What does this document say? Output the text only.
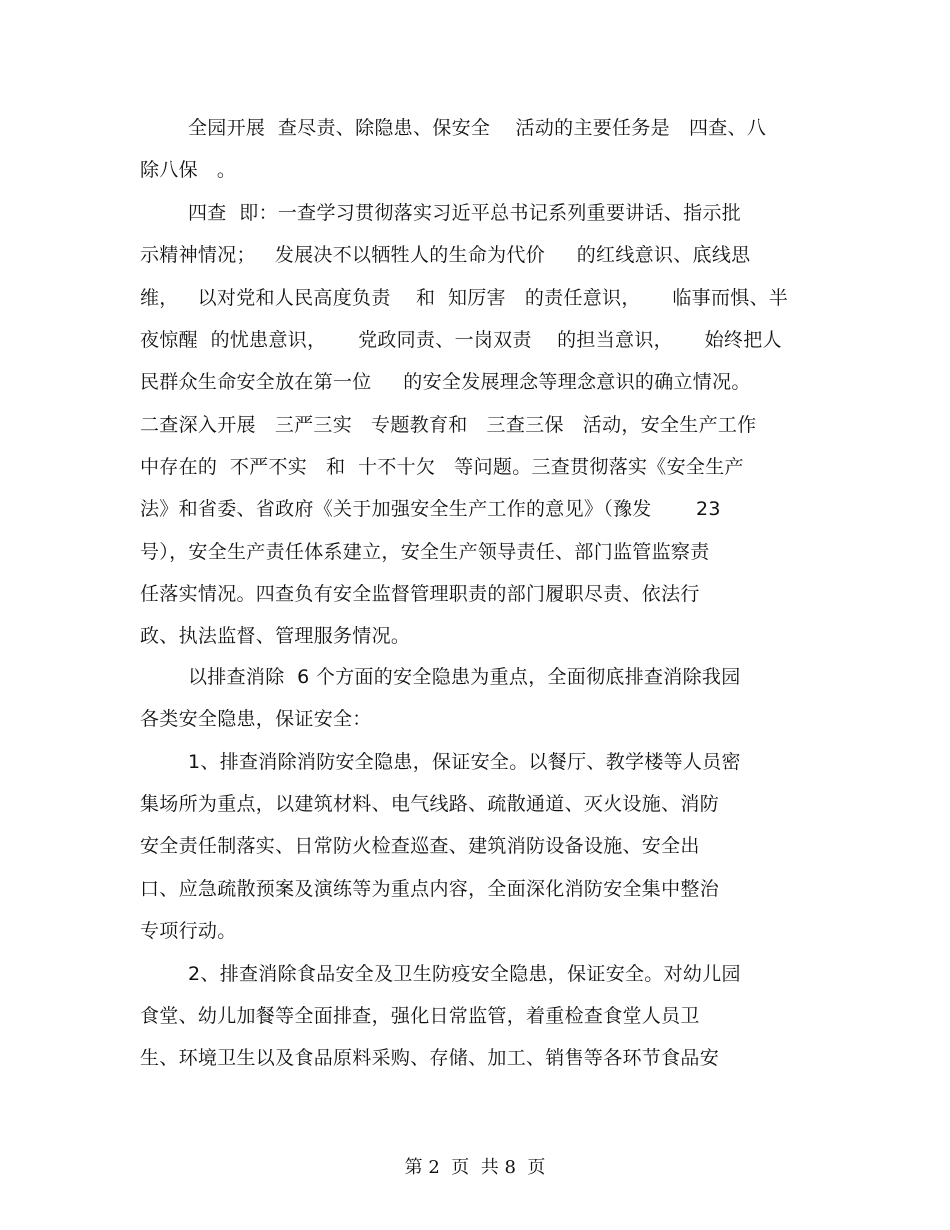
全园开展  查尽责、除隐患、保安全    活动的主要任务是   四查、八
除八保   。
四查  即：一查学习贯彻落实习近平总书记系列重要讲话、指示批
示精神情况；   发展决不以牺牲人的生命为代价     的红线意识、底线思
维，   以对党和人民高度负责    和  知厉害   的责任意识，     临事而惧、半
夜惊醒  的忧患意识，     党政同责、一岗双责    的担当意识，     始终把人
民群众生命安全放在第一位     的安全发展理念等理念意识的确立情况。
二查深入开展   三严三实   专题教育和   三查三保   活动，安全生产工作
中存在的  不严不实   和  十不十欠   等问题。三查贯彻落实《安全生产
法》和省委、省政府《关于加强安全生产工作的意见》（豫发       23
号），安全生产责任体系建立，安全生产领导责任、部门监管监察责
任落实情况。四查负有安全监督管理职责的部门履职尽责、依法行
政、执法监督、管理服务情况。
以排查消除  6 个方面的安全隐患为重点，全面彻底排查消除我园
各类安全隐患，保证安全：
1、排查消除消防安全隐患，保证安全。以餐厅、教学楼等人员密
集场所为重点，以建筑材料、电气线路、疏散通道、灭火设施、消防
安全责任制落实、日常防火检查巡查、建筑消防设备设施、安全出
口、应急疏散预案及演练等为重点内容，全面深化消防安全集中整治
专项行动。
2、排查消除食品安全及卫生防疫安全隐患，保证安全。对幼儿园
食堂、幼儿加餐等全面排查，强化日常监管，着重检查食堂人员卫
生、环境卫生以及食品原料采购、存储、加工、销售等各环节食品安
第 2  页  共 8  页
